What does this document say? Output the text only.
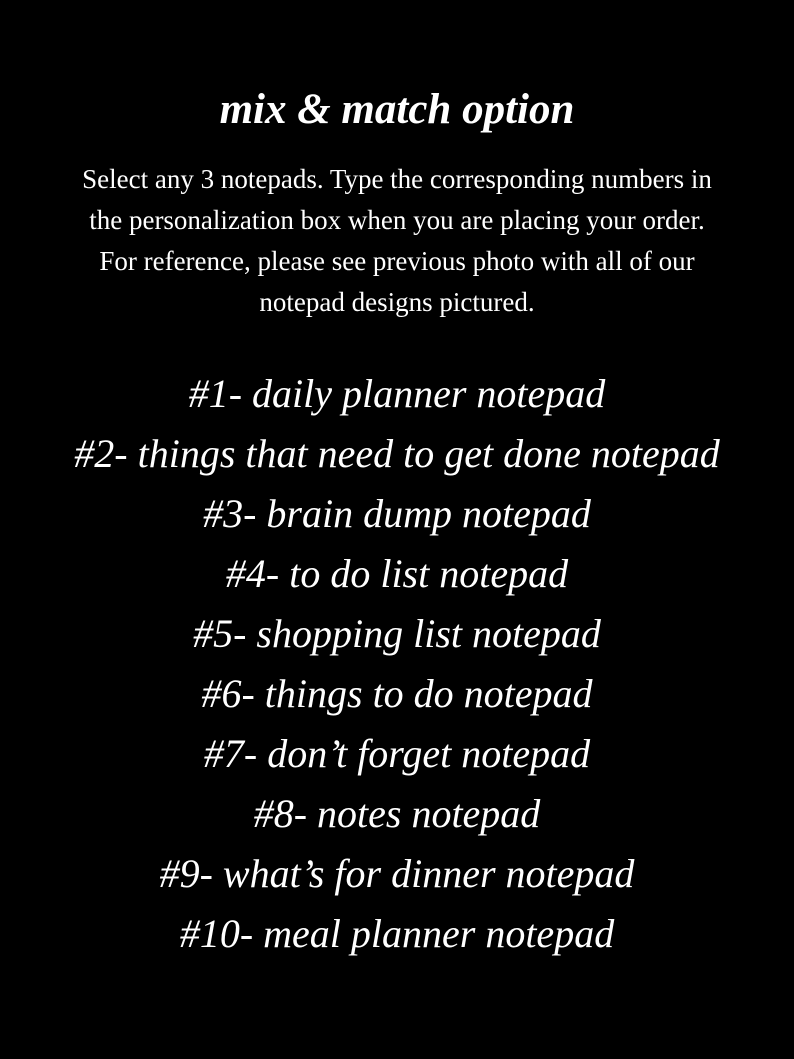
mix & match option

Select any 3 notepads. Type the corresponding numbers in
the personalization box when you are placing your order.
For reference, please see previous photo with all of our
notepad designs pictured.

#1- daily planner notepad
#2- things that need to get done notepad
#3- brain dump notepad
#4- to do list notepad
#5- shopping list notepad
#6- things to do notepad
#7- don’t forget notepad
#8- notes notepad
#9- what’s for dinner notepad
#10- meal planner notepad
